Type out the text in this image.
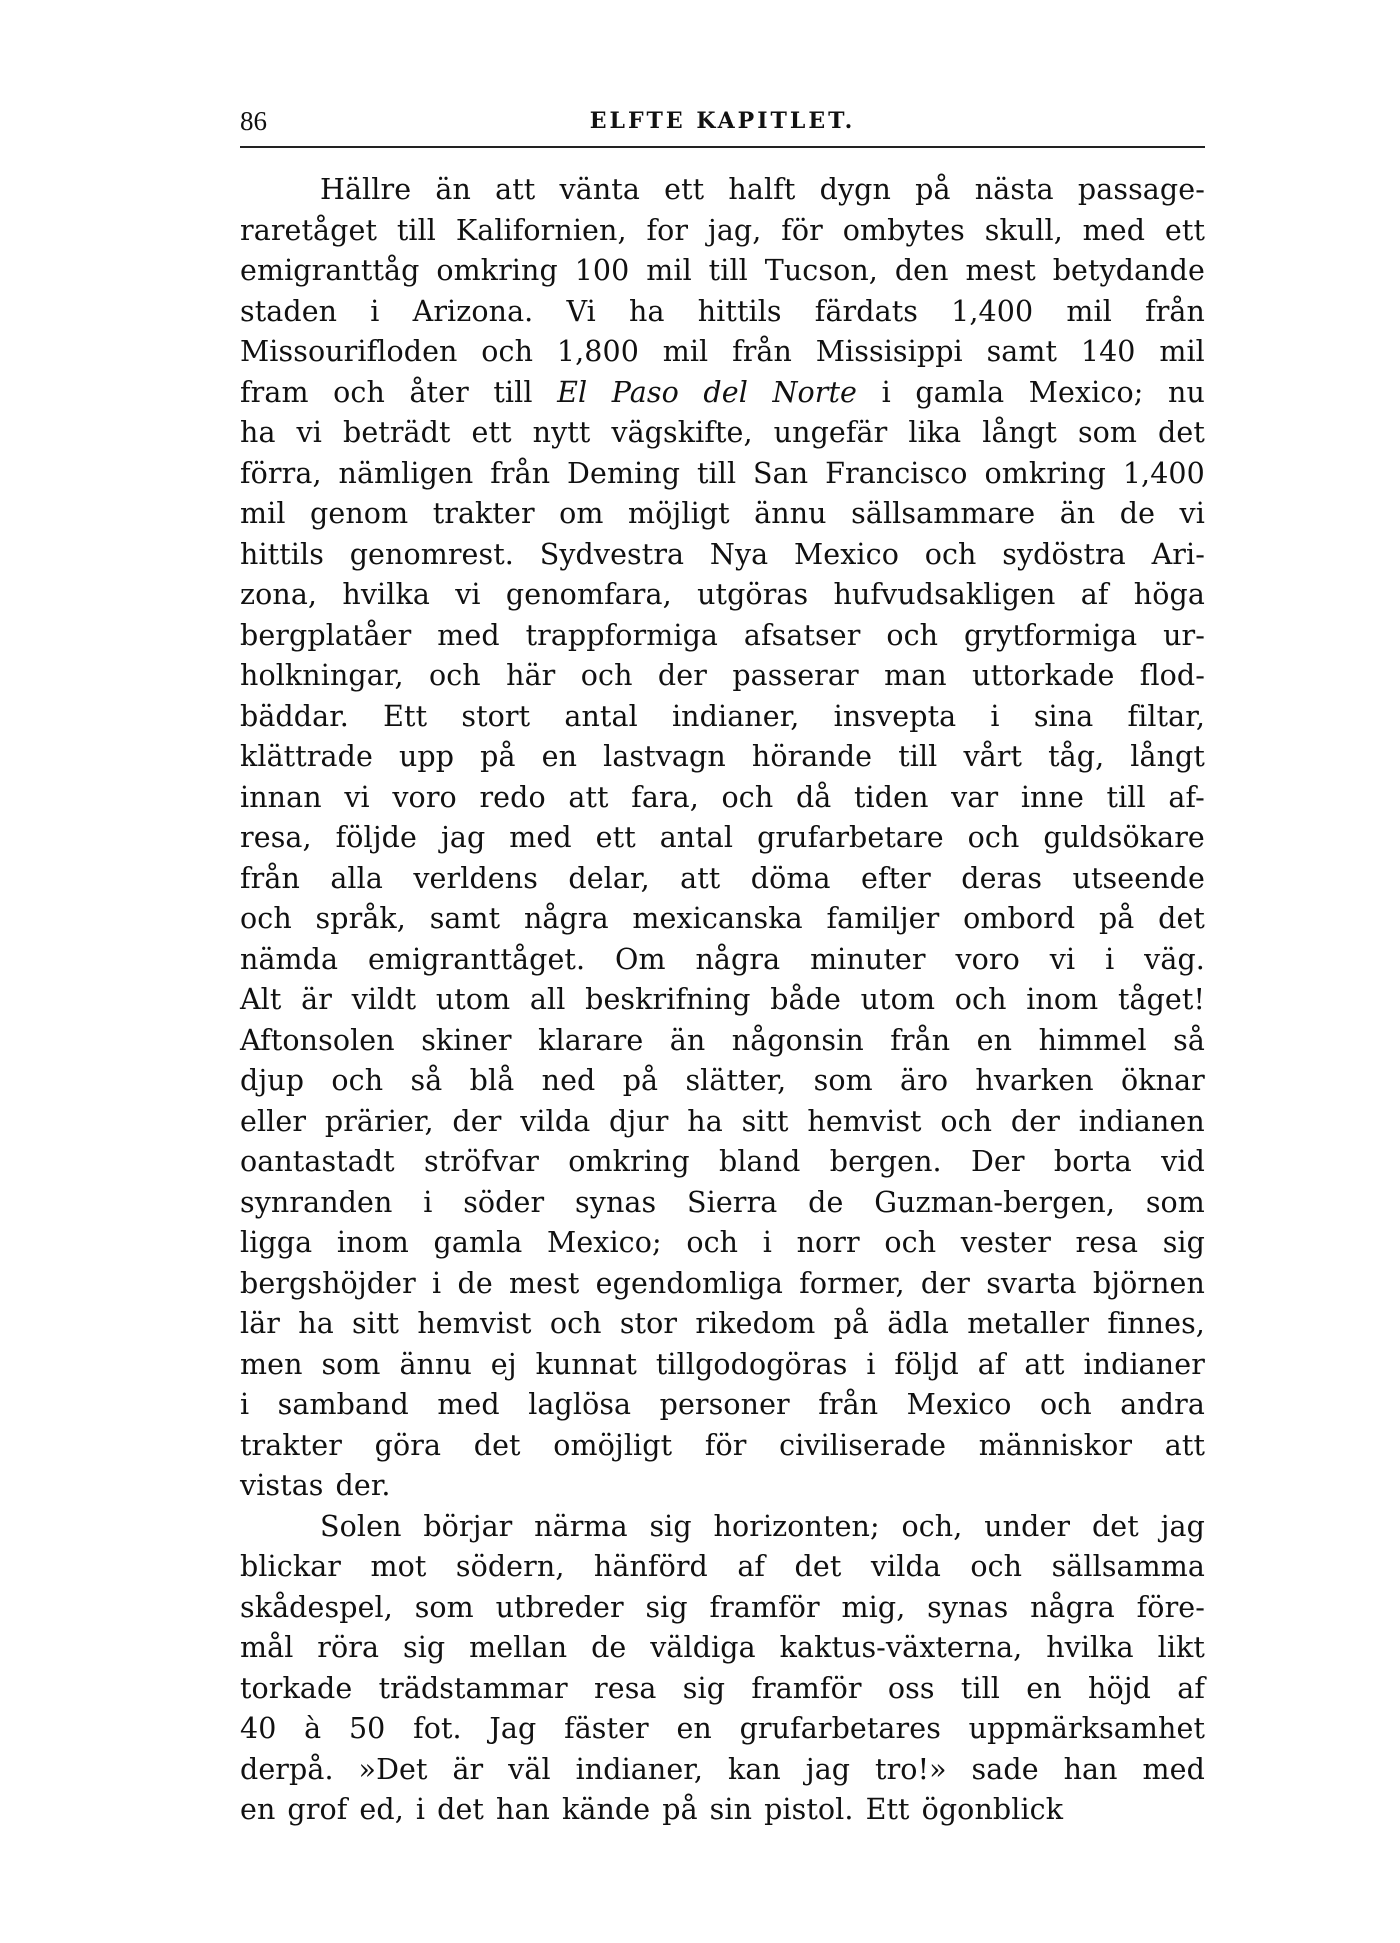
86	ELFTE KAPITLET.
Hällre än att vänta ett halft dygn på nästa passage-
raretåget till Kalifornien, for jag, för ombytes skull, med ett
emigranttåg omkring 100 mil till Tucson, den mest betydande
staden i Arizona. Vi ha hittils färdats 1,400 mil från
Missourifloden och 1,800 mil från Missisippi samt 140 mil
fram och åter till El Paso del Norte i gamla Mexico; nu
ha vi beträdt ett nytt vägskifte, ungefär lika långt som det
förra, nämligen från Deming till San Francisco omkring 1,400
mil genom trakter om möjligt ännu sällsammare än de vi
hittils genomrest. Sydvestra Nya Mexico och sydöstra Ari-
zona, hvilka vi genomfara, utgöras hufvudsakligen af höga
bergplatåer med trappformiga afsatser och grytformiga ur-
holkningar, och här och der passerar man uttorkade flod-
bäddar. Ett stort antal indianer, insvepta i sina filtar,
klättrade upp på en lastvagn hörande till vårt tåg, långt
innan vi voro redo att fara, och då tiden var inne till af-
resa, följde jag med ett antal grufarbetare och guldsökare
från alla verldens delar, att döma efter deras utseende
och språk, samt några mexicanska familjer ombord på det
nämda emigranttåget. Om några minuter voro vi i väg.
Alt är vildt utom all beskrifning både utom och inom tåget!
Aftonsolen skiner klarare än någonsin från en himmel så
djup och så blå ned på slätter, som äro hvarken öknar
eller prärier, der vilda djur ha sitt hemvist och der indianen
oantastadt ströfvar omkring bland bergen. Der borta vid
synranden i söder synas Sierra de Guzman-bergen, som
ligga inom gamla Mexico; och i norr och vester resa sig
bergshöjder i de mest egendomliga former, der svarta björnen
lär ha sitt hemvist och stor rikedom på ädla metaller finnes,
men som ännu ej kunnat tillgodogöras i följd af att indianer
i samband med laglösa personer från Mexico och andra
trakter göra det omöjligt för civiliserade människor att
vistas der.
Solen börjar närma sig horizonten; och, under det jag
blickar mot södern, hänförd af det vilda och sällsamma
skådespel, som utbreder sig framför mig, synas några före-
mål röra sig mellan de väldiga kaktus-växterna, hvilka likt
torkade trädstammar resa sig framför oss till en höjd af
40 à 50 fot. Jag fäster en grufarbetares uppmärksamhet
derpå. »Det är väl indianer, kan jag tro!» sade han med
en grof ed, i det han kände på sin pistol. Ett ögonblick
